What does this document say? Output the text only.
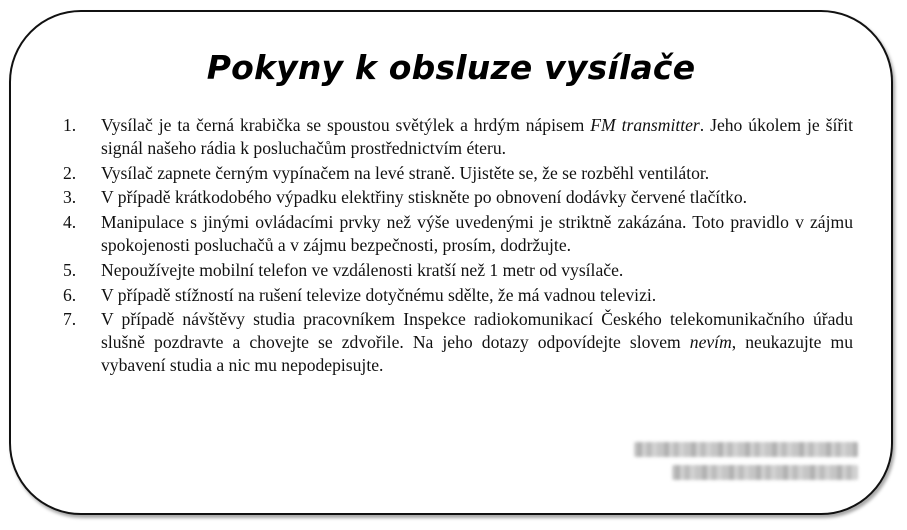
Pokyny k obsluze vysílače
1. Vysílač je ta černá krabička se spoustou světýlek a hrdým nápisem FM transmitter. Jeho úkolem je šířit signál našeho rádia k posluchačům prostřednictvím éteru.
2. Vysílač zapnete černým vypínačem na levé straně. Ujistěte se, že se rozběhl ventilátor.
3. V případě krátkodobého výpadku elektřiny stiskněte po obnovení dodávky červené tlačítko.
4. Manipulace s jinými ovládacími prvky než výše uvedenými je striktně zakázána. Toto pravidlo v zájmu spokojenosti posluchačů a v zájmu bezpečnosti, prosím, dodržujte.
5. Nepoužívejte mobilní telefon ve vzdálenosti kratší než 1 metr od vysílače.
6. V případě stížností na rušení televize dotyčnému sdělte, že má vadnou televizi.
7. V případě návštěvy studia pracovníkem Inspekce radiokomunikací Českého telekomunikačního úřadu slušně pozdravte a chovejte se zdvořile. Na jeho dotazy odpovídejte slovem nevím, neukazujte mu vybavení studia a nic mu nepodepisujte.
